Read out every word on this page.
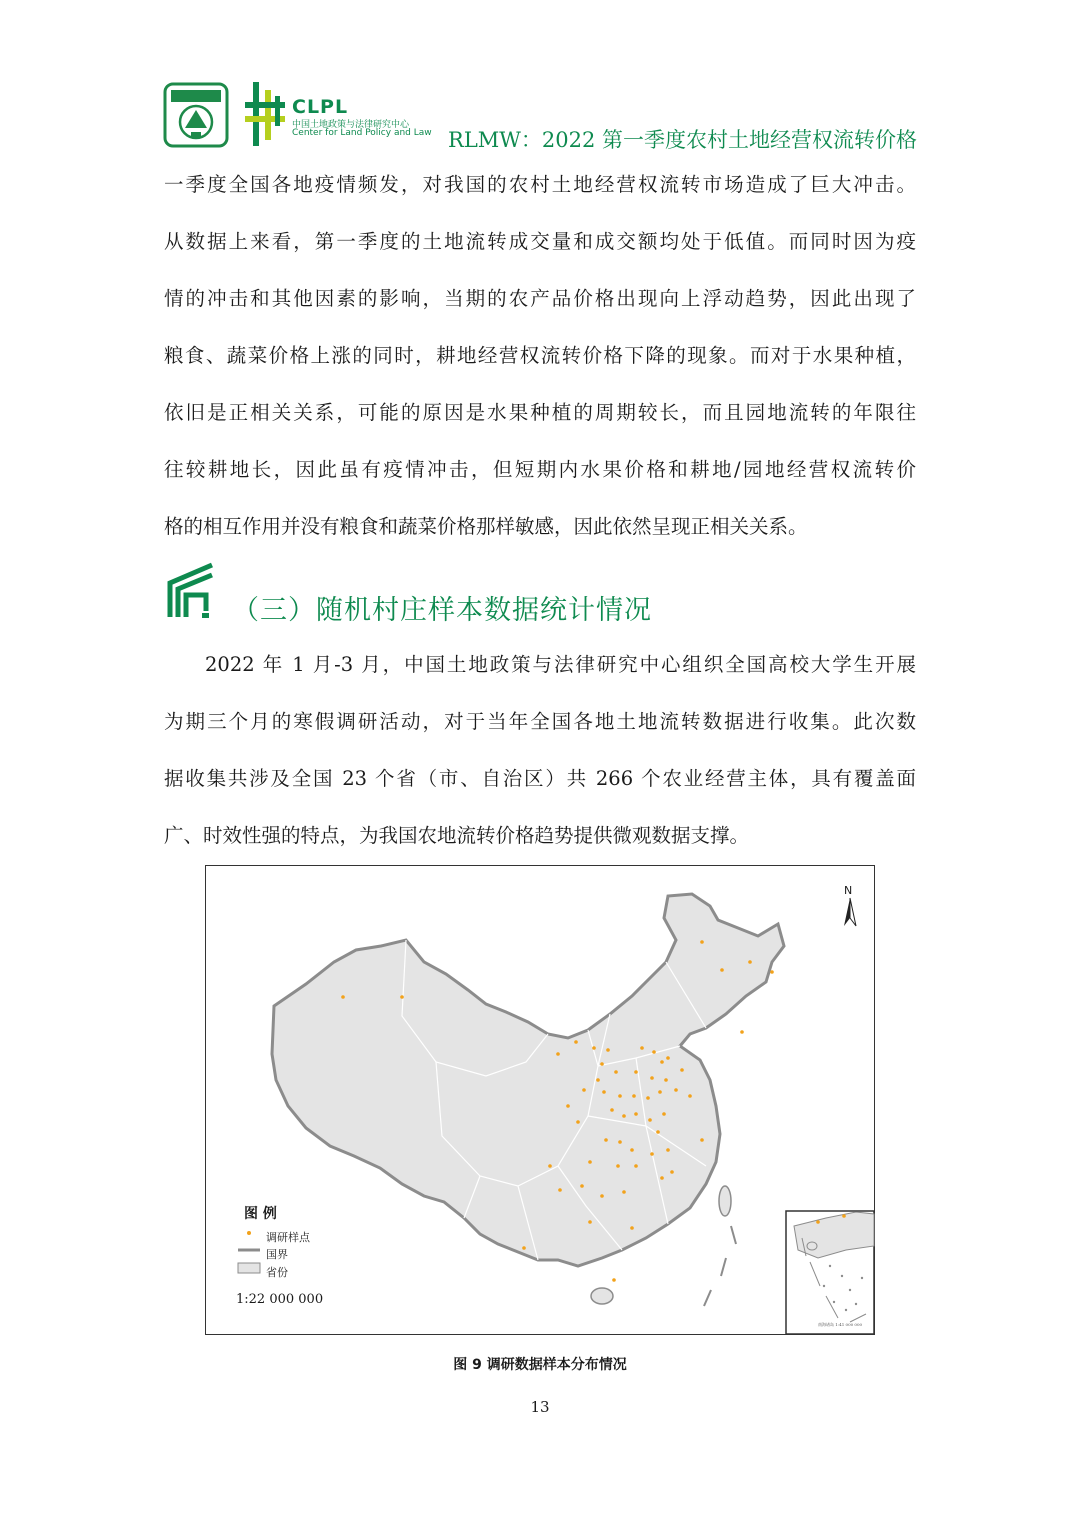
CLPL
中国土地政策与法律研究中心
Center for Land Policy and Law RLMW：2022 第一季度农村土地经营权流转价格
一季度全国各地疫情频发，对我国的农村土地经营权流转市场造成了巨大冲击。
从数据上来看，第一季度的土地流转成交量和成交额均处于低值。而同时因为疫
情的冲击和其他因素的影响，当期的农产品价格出现向上浮动趋势，因此出现了
粮食、蔬菜价格上涨的同时，耕地经营权流转价格下降的现象。而对于水果种植，
依旧是正相关关系，可能的原因是水果种植的周期较长，而且园地流转的年限往
往较耕地长，因此虽有疫情冲击，但短期内水果价格和耕地/园地经营权流转价
格的相互作用并没有粮食和蔬菜价格那样敏感，因此依然呈现正相关关系。
（三）随机村庄样本数据统计情况
2022 年 1 月-3 月，中国土地政策与法律研究中心组织全国高校大学生开展
为期三个月的寒假调研活动，对于当年全国各地土地流转数据进行收集。此次数
据收集共涉及全国 23 个省（市、自治区）共 266 个农业经营主体，具有覆盖面
广、时效性强的特点，为我国农地流转价格趋势提供微观数据支撑。
N
图 例
调研样点
国界
省份
1:22 000 000
南海诸岛 1:41 000 000
图 9 调研数据样本分布情况
13
